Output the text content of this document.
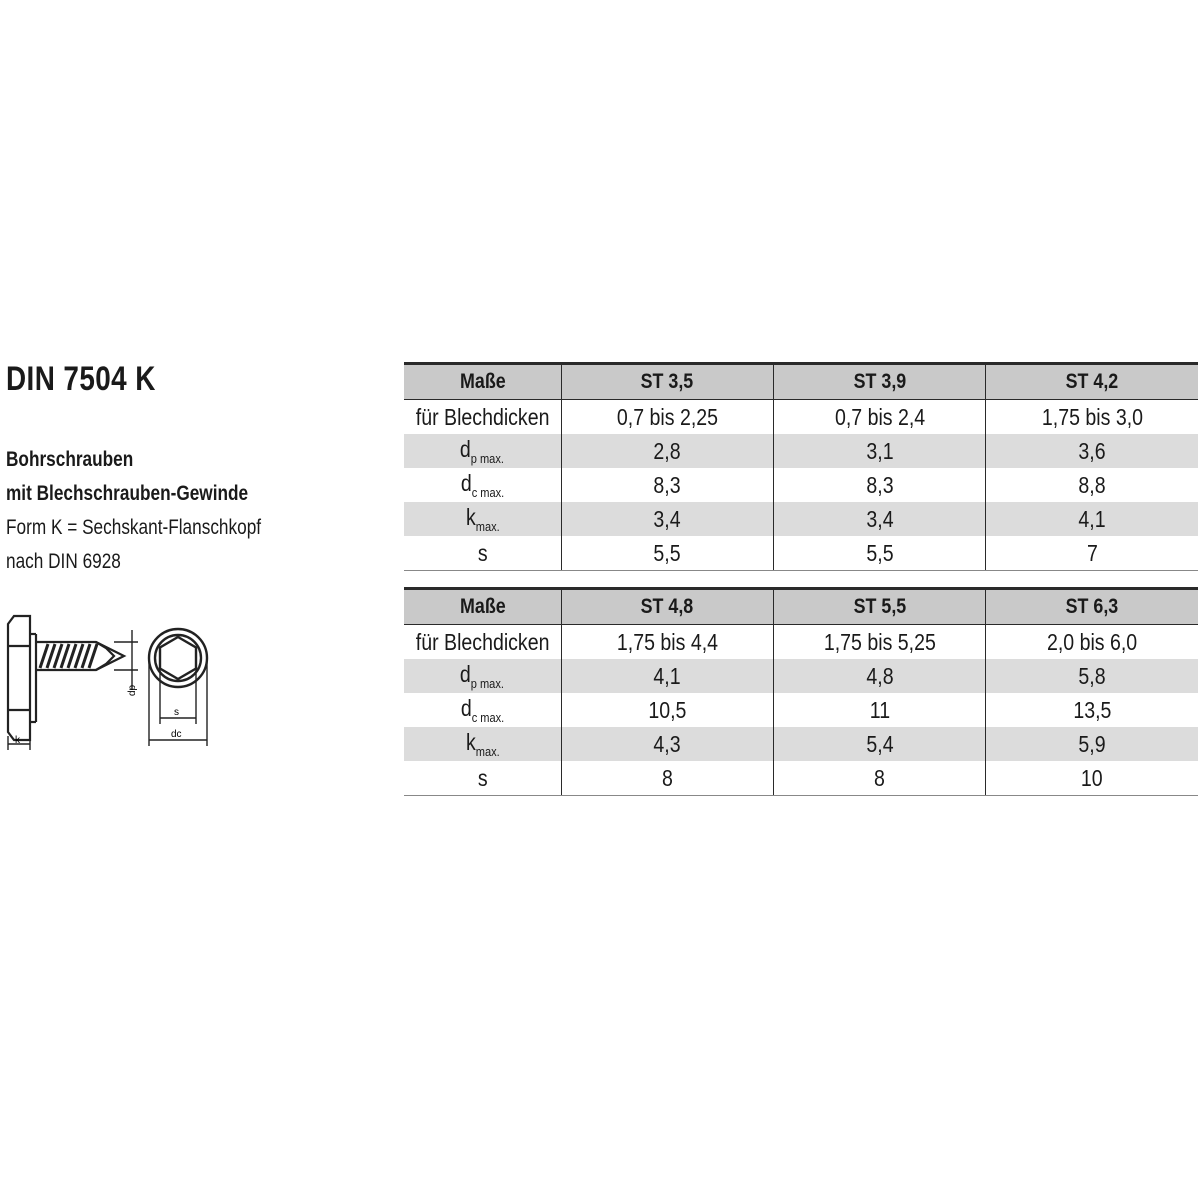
DIN 7504 K
Bohrschrauben
mit Blechschrauben-Gewinde
Form K = Sechskant-Flanschkopf
nach DIN 6928
k
dp
s
dc
Maße	ST 3,5	ST 3,9	ST 4,2
für Blechdicken	0,7 bis 2,25	0,7 bis 2,4	1,75 bis 3,0
$d_{p max.}$	2,8	3,1	3,6
$d_{c max.}$	8,3	8,3	8,8
$k_{max.}$	3,4	3,4	4,1
s	5,5	5,5	7
Maße	ST 4,8	ST 5,5	ST 6,3
für Blechdicken	1,75 bis 4,4	1,75 bis 5,25	2,0 bis 6,0
$d_{p max.}$	4,1	4,8	5,8
$d_{c max.}$	10,5	11	13,5
$k_{max.}$	4,3	5,4	5,9
s	8	8	10
